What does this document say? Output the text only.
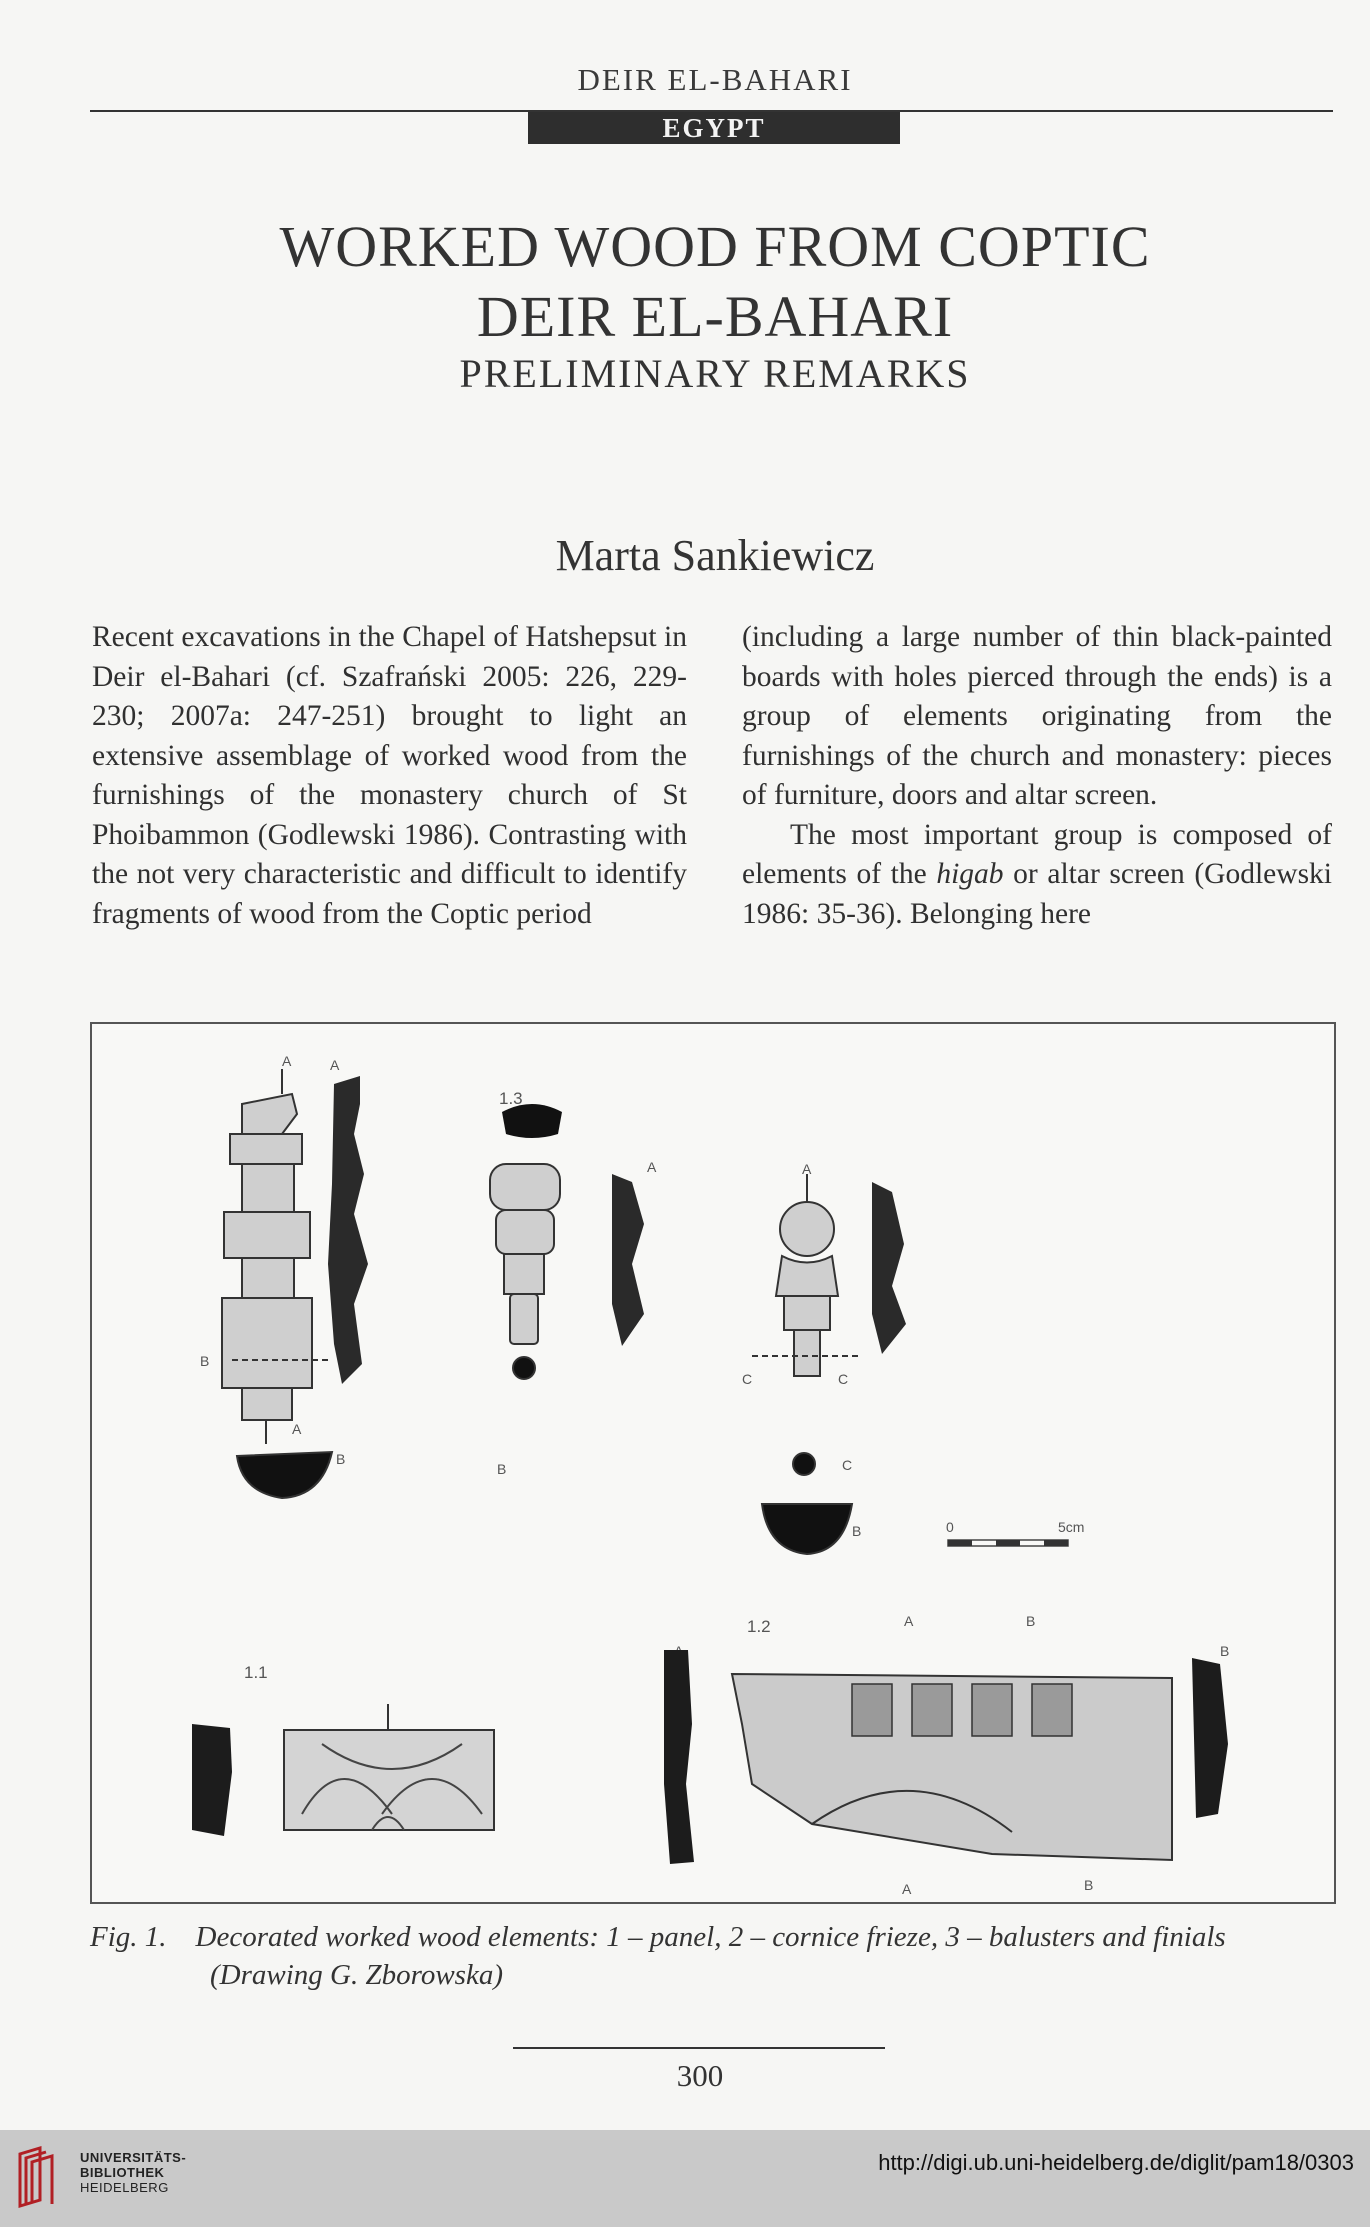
DEIR EL-BAHARI
EGYPT
WORKED WOOD FROM COPTIC
DEIR EL-BAHARI
PRELIMINARY REMARKS
Marta Sankiewicz

Recent excavations in the Chapel of Hatshepsut in Deir el-Bahari (cf. Szafrański 2005: 226, 229-230; 2007a: 247-251) brought to light an extensive assemblage of worked wood from the furnishings of the monastery church of St Phoibammon (Godlewski 1986). Contrasting with the not very characteristic and difficult to identify fragments of wood from the Coptic period

(including a large number of thin black-painted boards with holes pierced through the ends) is a group of elements originating from the furnishings of the church and monastery: pieces of furniture, doors and altar screen.

The most important group is composed of elements of the higab or altar screen (Godlewski 1986: 35-36). Belonging here

1.3
1.2
1.1
A	A
B
A
B
A
B
A
C	C
C
B
A	B
B
A	B
0	5cm
Fig. 1. Decorated worked wood elements: 1 – panel, 2 – cornice frieze, 3 – balusters and finials
(Drawing G. Zborowska)
300
UNIVERSITÄTS-
BIBLIOTHEK
HEIDELBERG
http://digi.ub.uni-heidelberg.de/diglit/pam18/0303
